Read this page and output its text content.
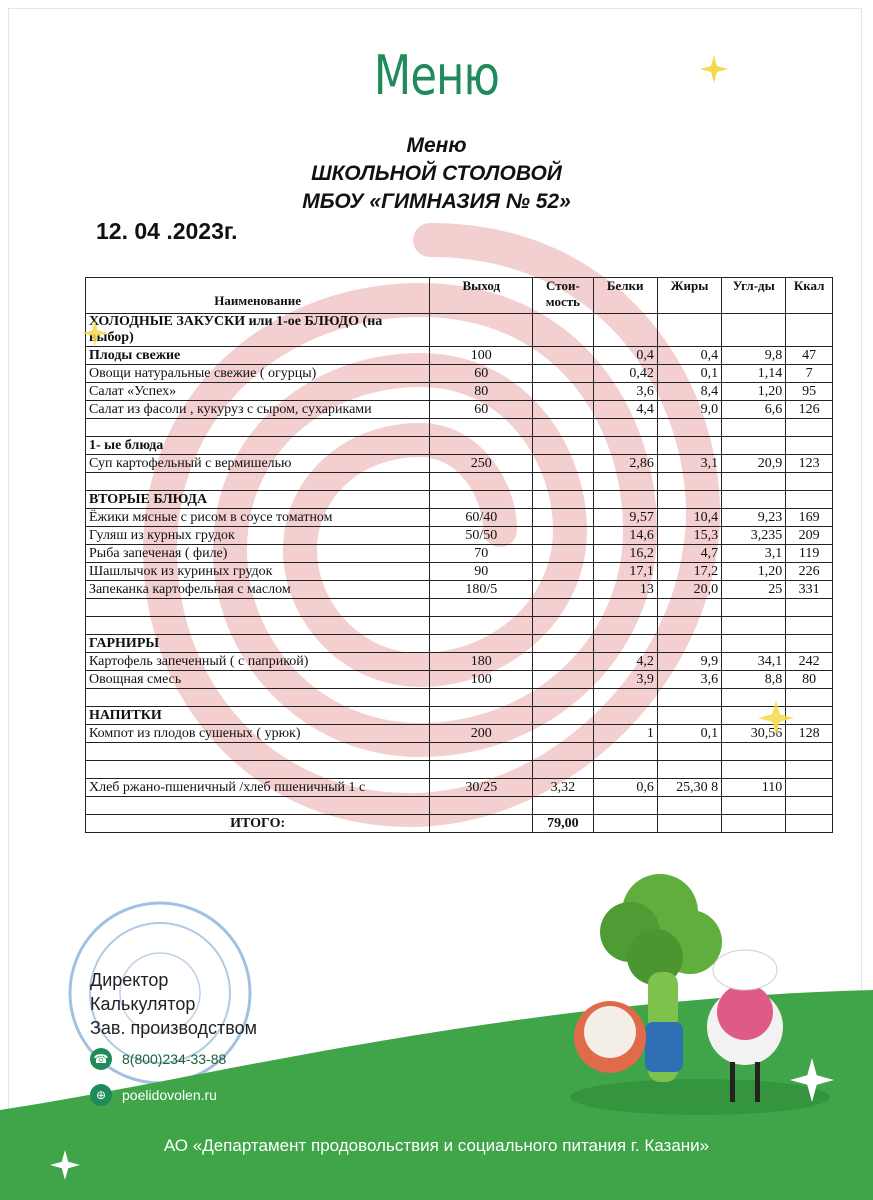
Меню
Меню
ШКОЛЬНОЙ СТОЛОВОЙ
МБОУ «ГИМНАЗИЯ № 52»
12. 04 .2023г.
Наименование	Выход	Стои-мость	Белки	Жиры	Угл-ды	Ккал
ХОЛОДНЫЕ ЗАКУСКИ или 1-ое БЛЮДО (на выбор)						
Плоды свежие	100		0,4	0,4	9,8	47
Овощи натуральные свежие ( огурцы)	60		0,42	0,1	1,14	7
Салат «Успех»	80		3,6	8,4	1,20	95
Салат из фасоли , кукуруз с сыром, сухариками	60		4,4	9,0	6,6	126

1- ые блюда						
Суп картофельный с вермишелью	250		2,86	3,1	20,9	123

ВТОРЫЕ БЛЮДА						
Ёжики мясные с рисом в соусе томатном	60/40		9,57	10,4	9,23	169
Гуляш из курных грудок	50/50		14,6	15,3	3,235	209
Рыба запеченая ( филе)	70		16,2	4,7	3,1	119
Шашлычок из куриных грудок	90		17,1	17,2	1,20	226
Запеканка картофельная с маслом	180/5		13	20,0	25	331

ГАРНИРЫ						
Картофель запеченный ( с паприкой)	180		4,2	9,9	34,1	242
Овощная смесь	100		3,9	3,6	8,8	80

НАПИТКИ						
Компот из плодов сушеных ( урюк)	200		1	0,1	30,56	128

Хлеб ржано-пшеничный /хлеб пшеничный 1 с	30/25	3,32	0,6	25,30 8	110	

ИТОГО:		79,00				
Директор
Калькулятор
Зав. производством
☎ 8(800)234-33-88
⊕	poelidovolen.ru
АО «Департамент продовольствия и социального питания г. Казани»
